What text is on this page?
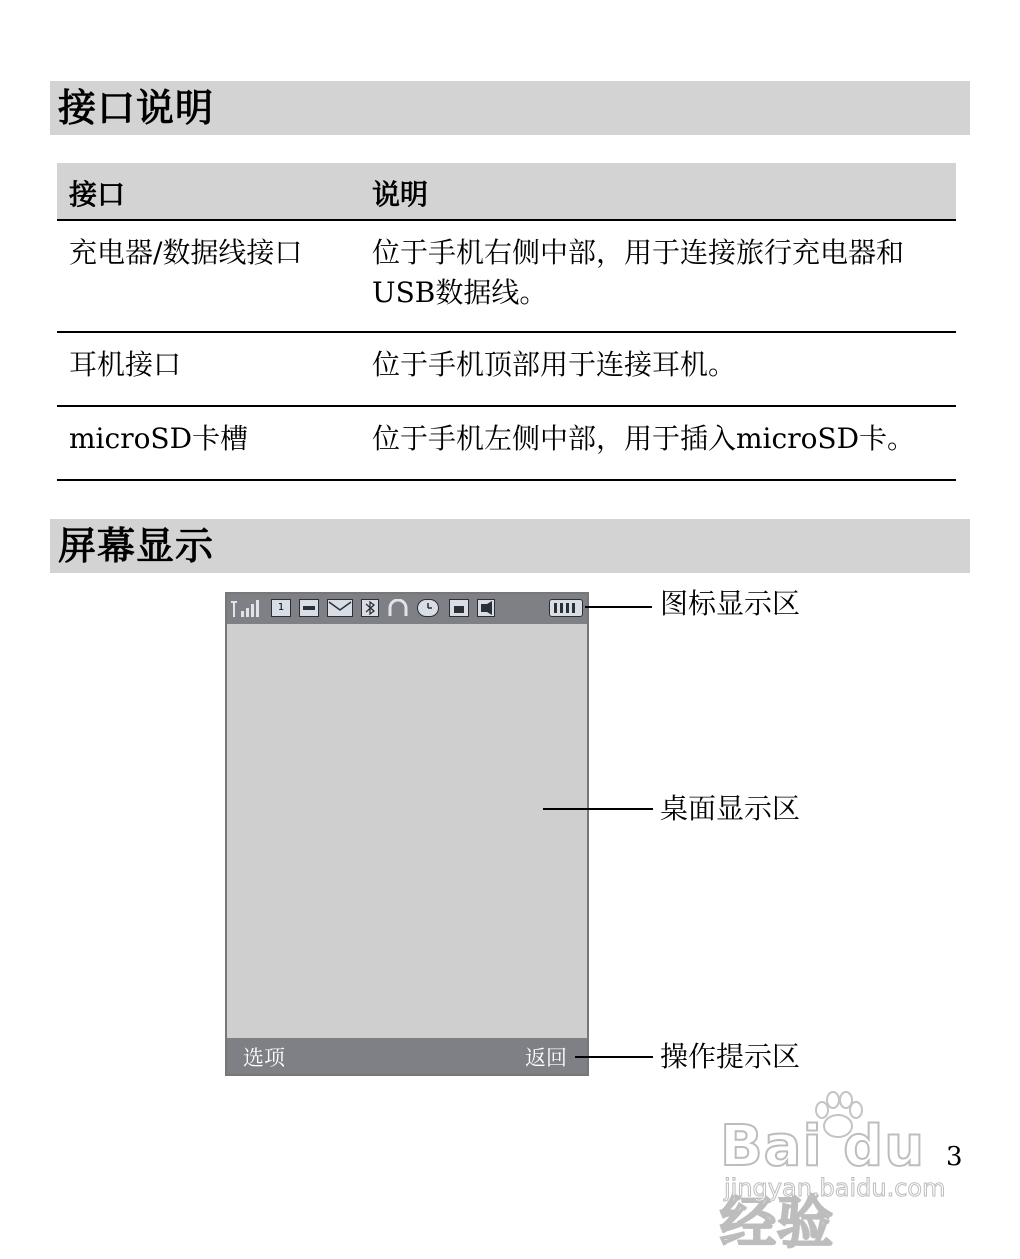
接口说明
接口	说明
充电器/数据线接口 位于手机右侧中部，用于连接旅行充电器和
USB数据线。
耳机接口	位于手机顶部用于连接耳机。
microSD卡槽	位于手机左侧中部，用于插入microSD卡。
屏幕显示
1
选项	返回
图标显示区
桌面显示区
操作提示区
Bai du 经验
jingyan.baidu.com
3
